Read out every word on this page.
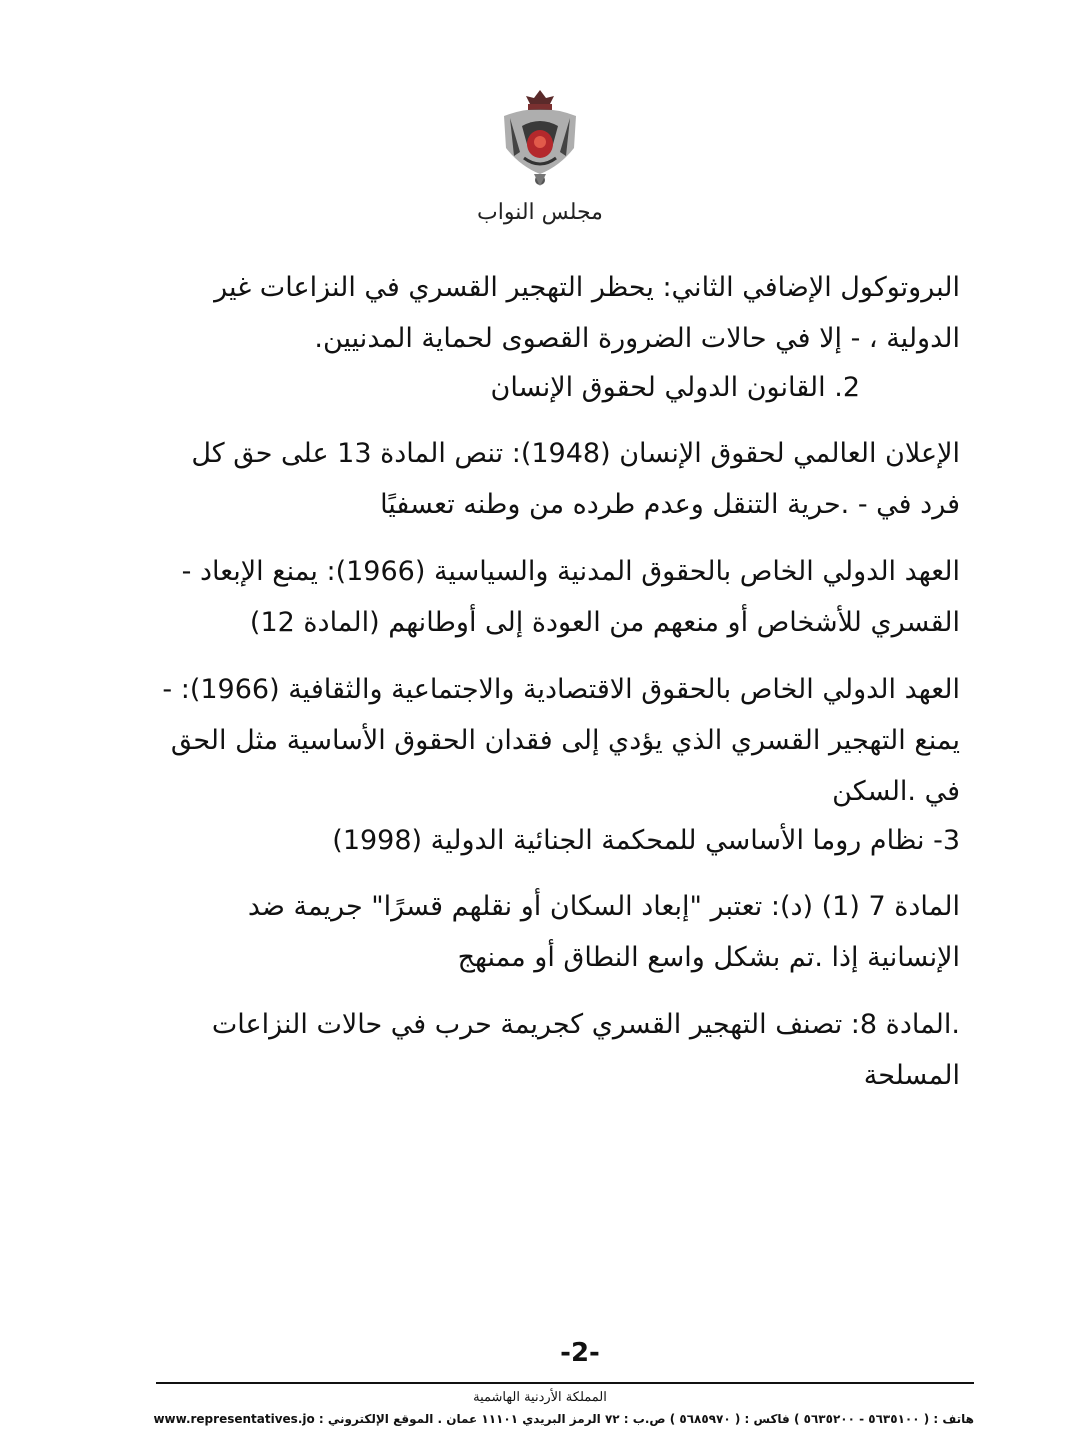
مجلس النواب

البروتوكول الإضافي الثاني: يحظر التهجير القسري في النزاعات غير الدولية ، - إلا في حالات الضرورة القصوى لحماية المدنيين.

2. القانون الدولي لحقوق الإنسان

الإعلان العالمي لحقوق الإنسان (1948): تنص المادة 13 على حق كل فرد في - .حرية التنقل وعدم طرده من وطنه تعسفيًا

العهد الدولي الخاص بالحقوق المدنية والسياسية (1966): يمنع الإبعاد - القسري للأشخاص أو منعهم من العودة إلى أوطانهم (المادة 12)

العهد الدولي الخاص بالحقوق الاقتصادية والاجتماعية والثقافية (1966): - يمنع التهجير القسري الذي يؤدي إلى فقدان الحقوق الأساسية مثل الحق في .السكن

3- نظام روما الأساسي للمحكمة الجنائية الدولية (1998)

المادة 7 (1) (د): تعتبر "إبعاد السكان أو نقلهم قسرًا" جريمة ضد الإنسانية إذا .تم بشكل واسع النطاق أو ممنهج

.المادة 8: تصنف التهجير القسري كجريمة حرب في حالات النزاعات المسلحة

-2-
المملكة الأردنية الهاشمية
هاتف : ( ٥٦٣٥١٠٠ - ٥٦٣٥٢٠٠ ) فاكس : ( ٥٦٨٥٩٧٠ ) ص.ب : ٧٢ الرمز البريدي ١١١٠١ عمان . الموقع الإلكتروني : www.representatives.jo
